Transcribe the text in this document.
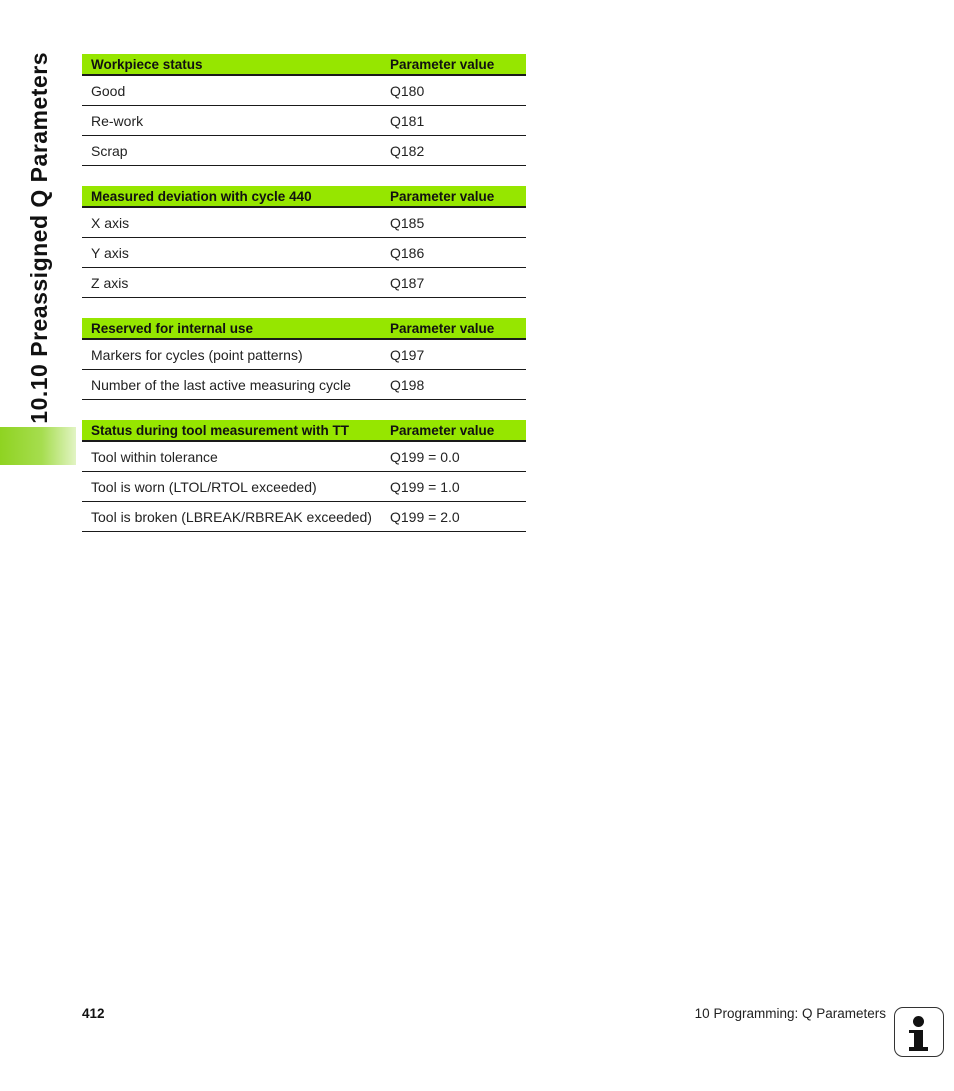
10.10 Preassigned Q Parameters	Workpiece status	Parameter value
Good	Q180
Re-work	Q181
Scrap	Q182
Measured deviation with cycle 440	Parameter value
X axis	Q185
Y axis	Q186
Z axis	Q187
Reserved for internal use	Parameter value
Markers for cycles (point patterns)	Q197
Number of the last active measuring cycle	Q198
Status during tool measurement with TT	Parameter value
Tool within tolerance	Q199 = 0.0
Tool is worn (LTOL/RTOL exceeded)	Q199 = 1.0
Tool is broken (LBREAK/RBREAK exceeded)	Q199 = 2.0
412	10 Programming: Q Parameters
